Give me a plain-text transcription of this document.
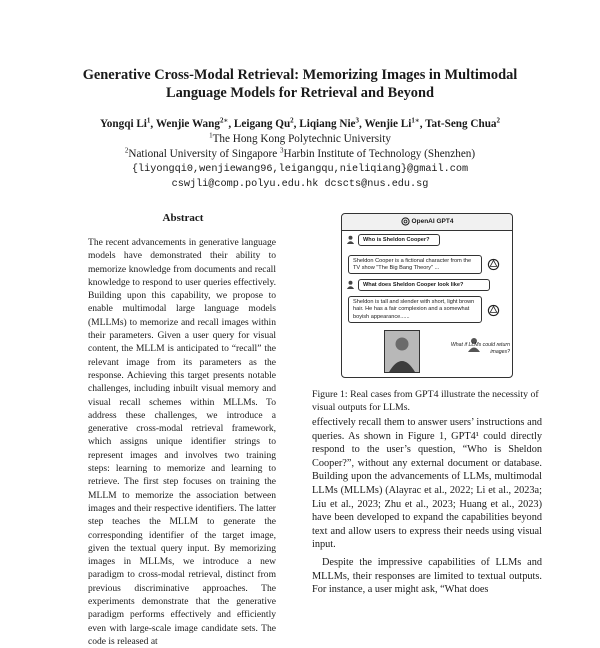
Generative Cross-Modal Retrieval: Memorizing Images in Multimodal
Language Models for Retrieval and Beyond
Yongqi Li$^1$, Wenjie Wang$^{2∗}$, Leigang Qu$^2$, Liqiang Nie$^3$, Wenjie $Li^{1∗}$, Tat-Seng Chua$^2$
$^1$The Hong Kong Polytechnic University
$^2$National University of Singapore $^3$Harbin Institute of Technology (Shenzhen)
{liyongqi0,wenjiewang96,leigangqu,nieliqiang}@gmail.com
cswjli@comp.polyu.edu.hk dcscts@nus.edu.sg
Abstract

The recent advancements in generative language models have demonstrated their ability to memorize knowledge from documents and recall knowledge to respond to user queries effectively. Building upon this capability, we propose to enable multimodal large language models (MLLMs) to memorize and recall images within their parameters. Given a user query for visual content, the MLLM is anticipated to “recall” the relevant image from its parameters as the response. Achieving this target presents notable challenges, including inbuilt visual memory and visual recall schemes within MLLMs. To address these challenges, we introduce a generative cross-modal retrieval framework, which assigns unique identifier strings to represent images and involves two training steps: learning to memorize and learning to retrieve. The first step focuses on training the MLLM to memorize the association between images and their respective identifiers. The latter step teaches the MLLM to generate the corresponding identifier of the target image, given the textual query input. By memorizing images in MLLMs, we introduce a new paradigm to cross-modal retrieval, distinct from previous discriminative approaches. The experiments demonstrate that the generative paradigm performs effectively and efficiently even with large-scale image candidate sets. The code is released at

OpenAI GPT4
Who is Sheldon Cooper?
Sheldon Cooper is a fictional character from the TV show "The Big Bang Theory" ...
What does Sheldon Cooper look like?
Sheldon is tall and slender with short, light brown hair. He has a fair complexion and a somewhat boyish appearance......
What if LLMs could return images?
Figure 1: Real cases from GPT4 illustrate the necessity of visual outputs for LLMs.

effectively recall them to answer users’ instructions and queries. As shown in Figure 1, GPT4¹ could directly respond to the user’s question, “Who is Sheldon Cooper?”, without any external document or database. Building upon the advancements of LLMs, multimodal LLMs (MLLMs) (Alayrac et al., 2022; Li et al., 2023a; Liu et al., 2023; Zhu et al., 2023; Huang et al., 2023) have been developed to expand the capabilities beyond text and allow users to express their needs using visual input.

Despite the impressive capabilities of LLMs and MLLMs, their responses are limited to textual outputs. For instance, a user might ask, “What does
